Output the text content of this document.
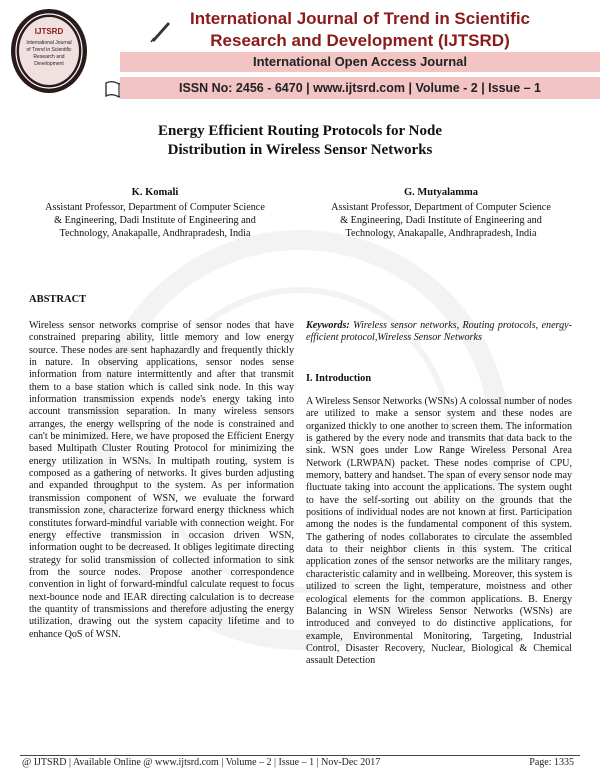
IJTSRD
International Journal
of Trend in Scientific
Research and
Development
International Journal of Trend in Scientific
Research and Development (IJTSRD)
International Open Access Journal
ISSN No: 2456 - 6470 | www.ijtsrd.com | Volume - 2 | Issue – 1
Energy Efficient Routing Protocols for Node
Distribution in Wireless Sensor Networks
K. Komali
Assistant Professor, Department of Computer Science
& Engineering, Dadi Institute of Engineering and
Technology, Anakapalle, Andhrapradesh, India
G. Mutyalamma
Assistant Professor, Department of Computer Science
& Engineering, Dadi Institute of Engineering and
Technology, Anakapalle, Andhrapradesh, India
ABSTRACT
Wireless sensor networks comprise of sensor nodes that have constrained preparing ability, little memory and low energy source. These nodes are sent haphazardly and frequently thickly in nature. In observing applications, sensor nodes sense information from nature intermittently and after that transmit them to a base station which is called sink node. In this way information transmission expends node's energy taking into account transmission separation. In many wireless sensors arranges, the energy wellspring of the node is constrained and can't be minimized. Here, we have proposed the Efficient Energy based Multipath Cluster Routing Protocol for minimizing the energy utilization in WSNs. In multipath routing, system is composed as a gathering of networks. It gives burden adjusting and expanded throughput to the system. As per information transmission component of WSN, we evaluate the forward transmission zone, characterize forward energy thickness which constitutes forward-mindful variable with connection weight. For energy effective transmission in occasion driven WSN, information ought to be decreased. It obliges legitimate directing strategy for solid transmission of collected information to sink from the source nodes. Propose another correspondence convention in light of forward-mindful calculate request to focus next-bounce node and IEAR directing calculation is to decrease the quantity of transmissions and therefore adjusting the energy utilization, drawing out the system capacity lifetime and to enhance QoS of WSN.
Keywords: Wireless sensor networks, Routing protocols, energy-efficient protocol,Wireless Sensor Networks
I. Introduction
A Wireless Sensor Networks (WSNs) A colossal number of nodes are utilized to make a sensor system and these nodes are organized thickly to one another to screen them. The information is gathered by the every node and transmits that data back to the sink. WSN goes under Low Range Wireless Personal Area Network (LRWPAN) packet. These nodes comprise of CPU, memory, battery and handset. The span of every sensor node may fluctuate taking into account the applications. The system ought to have the self-sorting out ability on the grounds that the positions of individual nodes are not known at first. Participation among the nodes is the fundamental component of this system. The gathering of nodes collaborates to circulate the assembled data to their neighbor clients in this system. The critical application zones of the sensor networks are the military ranges, characteristic calamity and in wellbeing. Moreover, this system is utilized to screen the light, temperature, moistness and other ecological elements for the common applications. B. Energy Balancing in WSN Wireless Sensor Networks (WSNs) are introduced and conveyed to do distinctive applications, for example, Environmental Monitoring, Targeting, Industrial Control, Disaster Recovery, Nuclear, Biological & Chemical assault Detection
@ IJTSRD | Available Online @ www.ijtsrd.com | Volume – 2 | Issue – 1 | Nov-Dec 2017	Page: 1335
